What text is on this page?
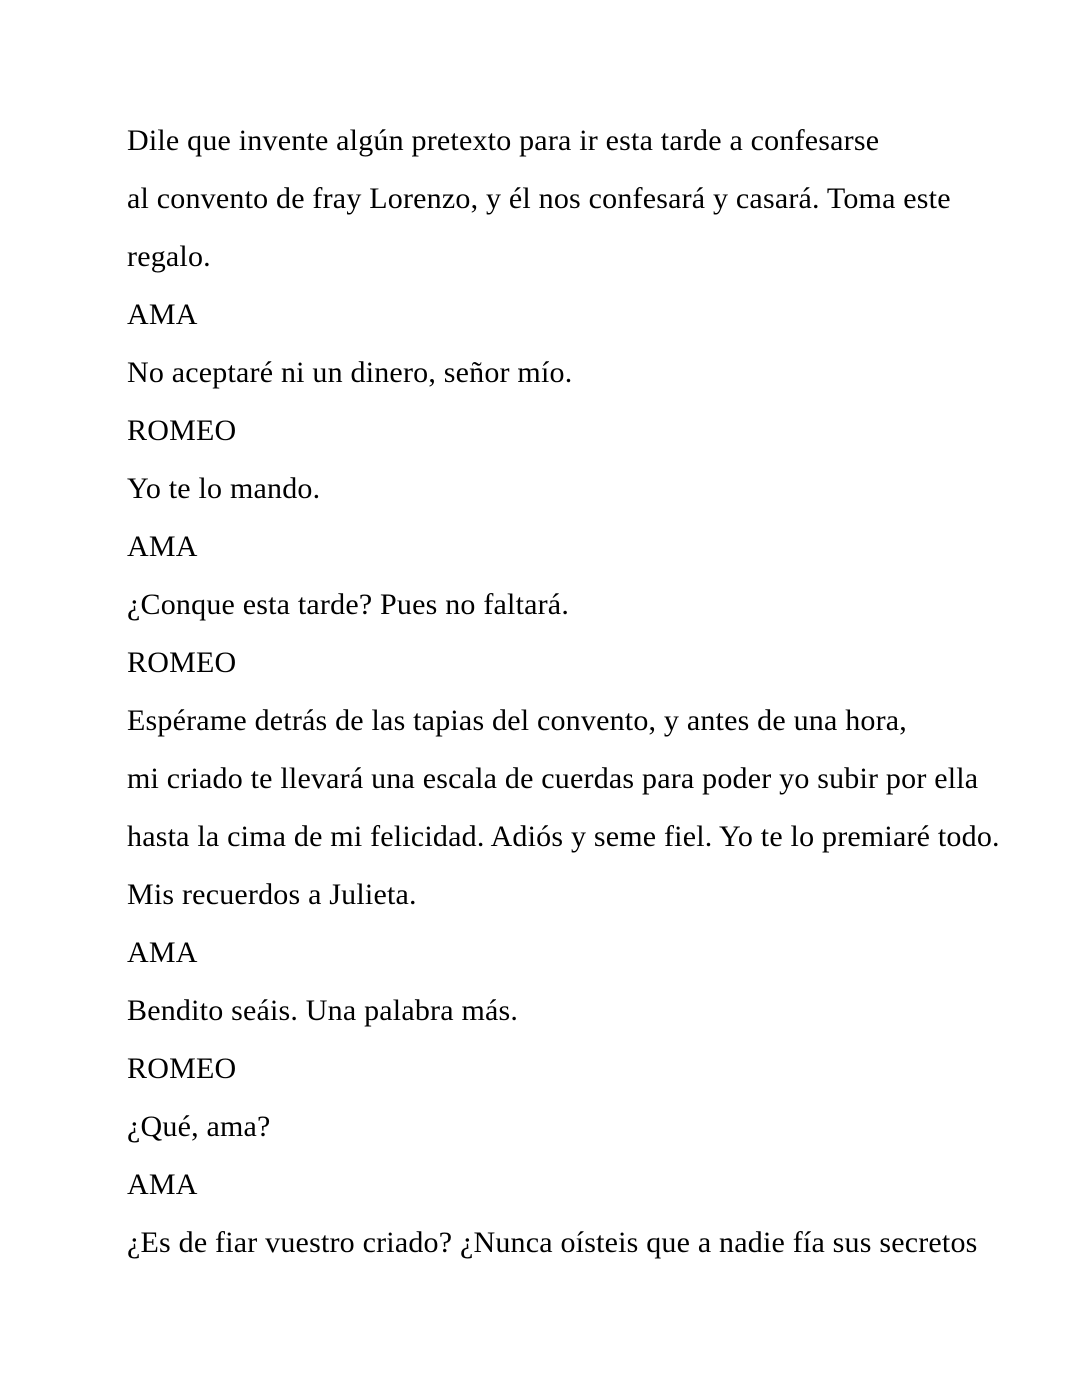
Dile que invente algún pretexto para ir esta tarde a confesarse
al convento de fray Lorenzo, y él nos confesará y casará. Toma este
regalo.
AMA
No aceptaré ni un dinero, señor mío.
ROMEO
Yo te lo mando.
AMA
¿Conque esta tarde? Pues no faltará.
ROMEO
Espérame detrás de las tapias del convento, y antes de una hora,
mi criado te llevará una escala de cuerdas para poder yo subir por ella
hasta la cima de mi felicidad. Adiós y seme fiel. Yo te lo premiaré todo.
Mis recuerdos a Julieta.
AMA
Bendito seáis. Una palabra más.
ROMEO
¿Qué, ama?
AMA
¿Es de fiar vuestro criado? ¿Nunca oísteis que a nadie fía sus secretos
